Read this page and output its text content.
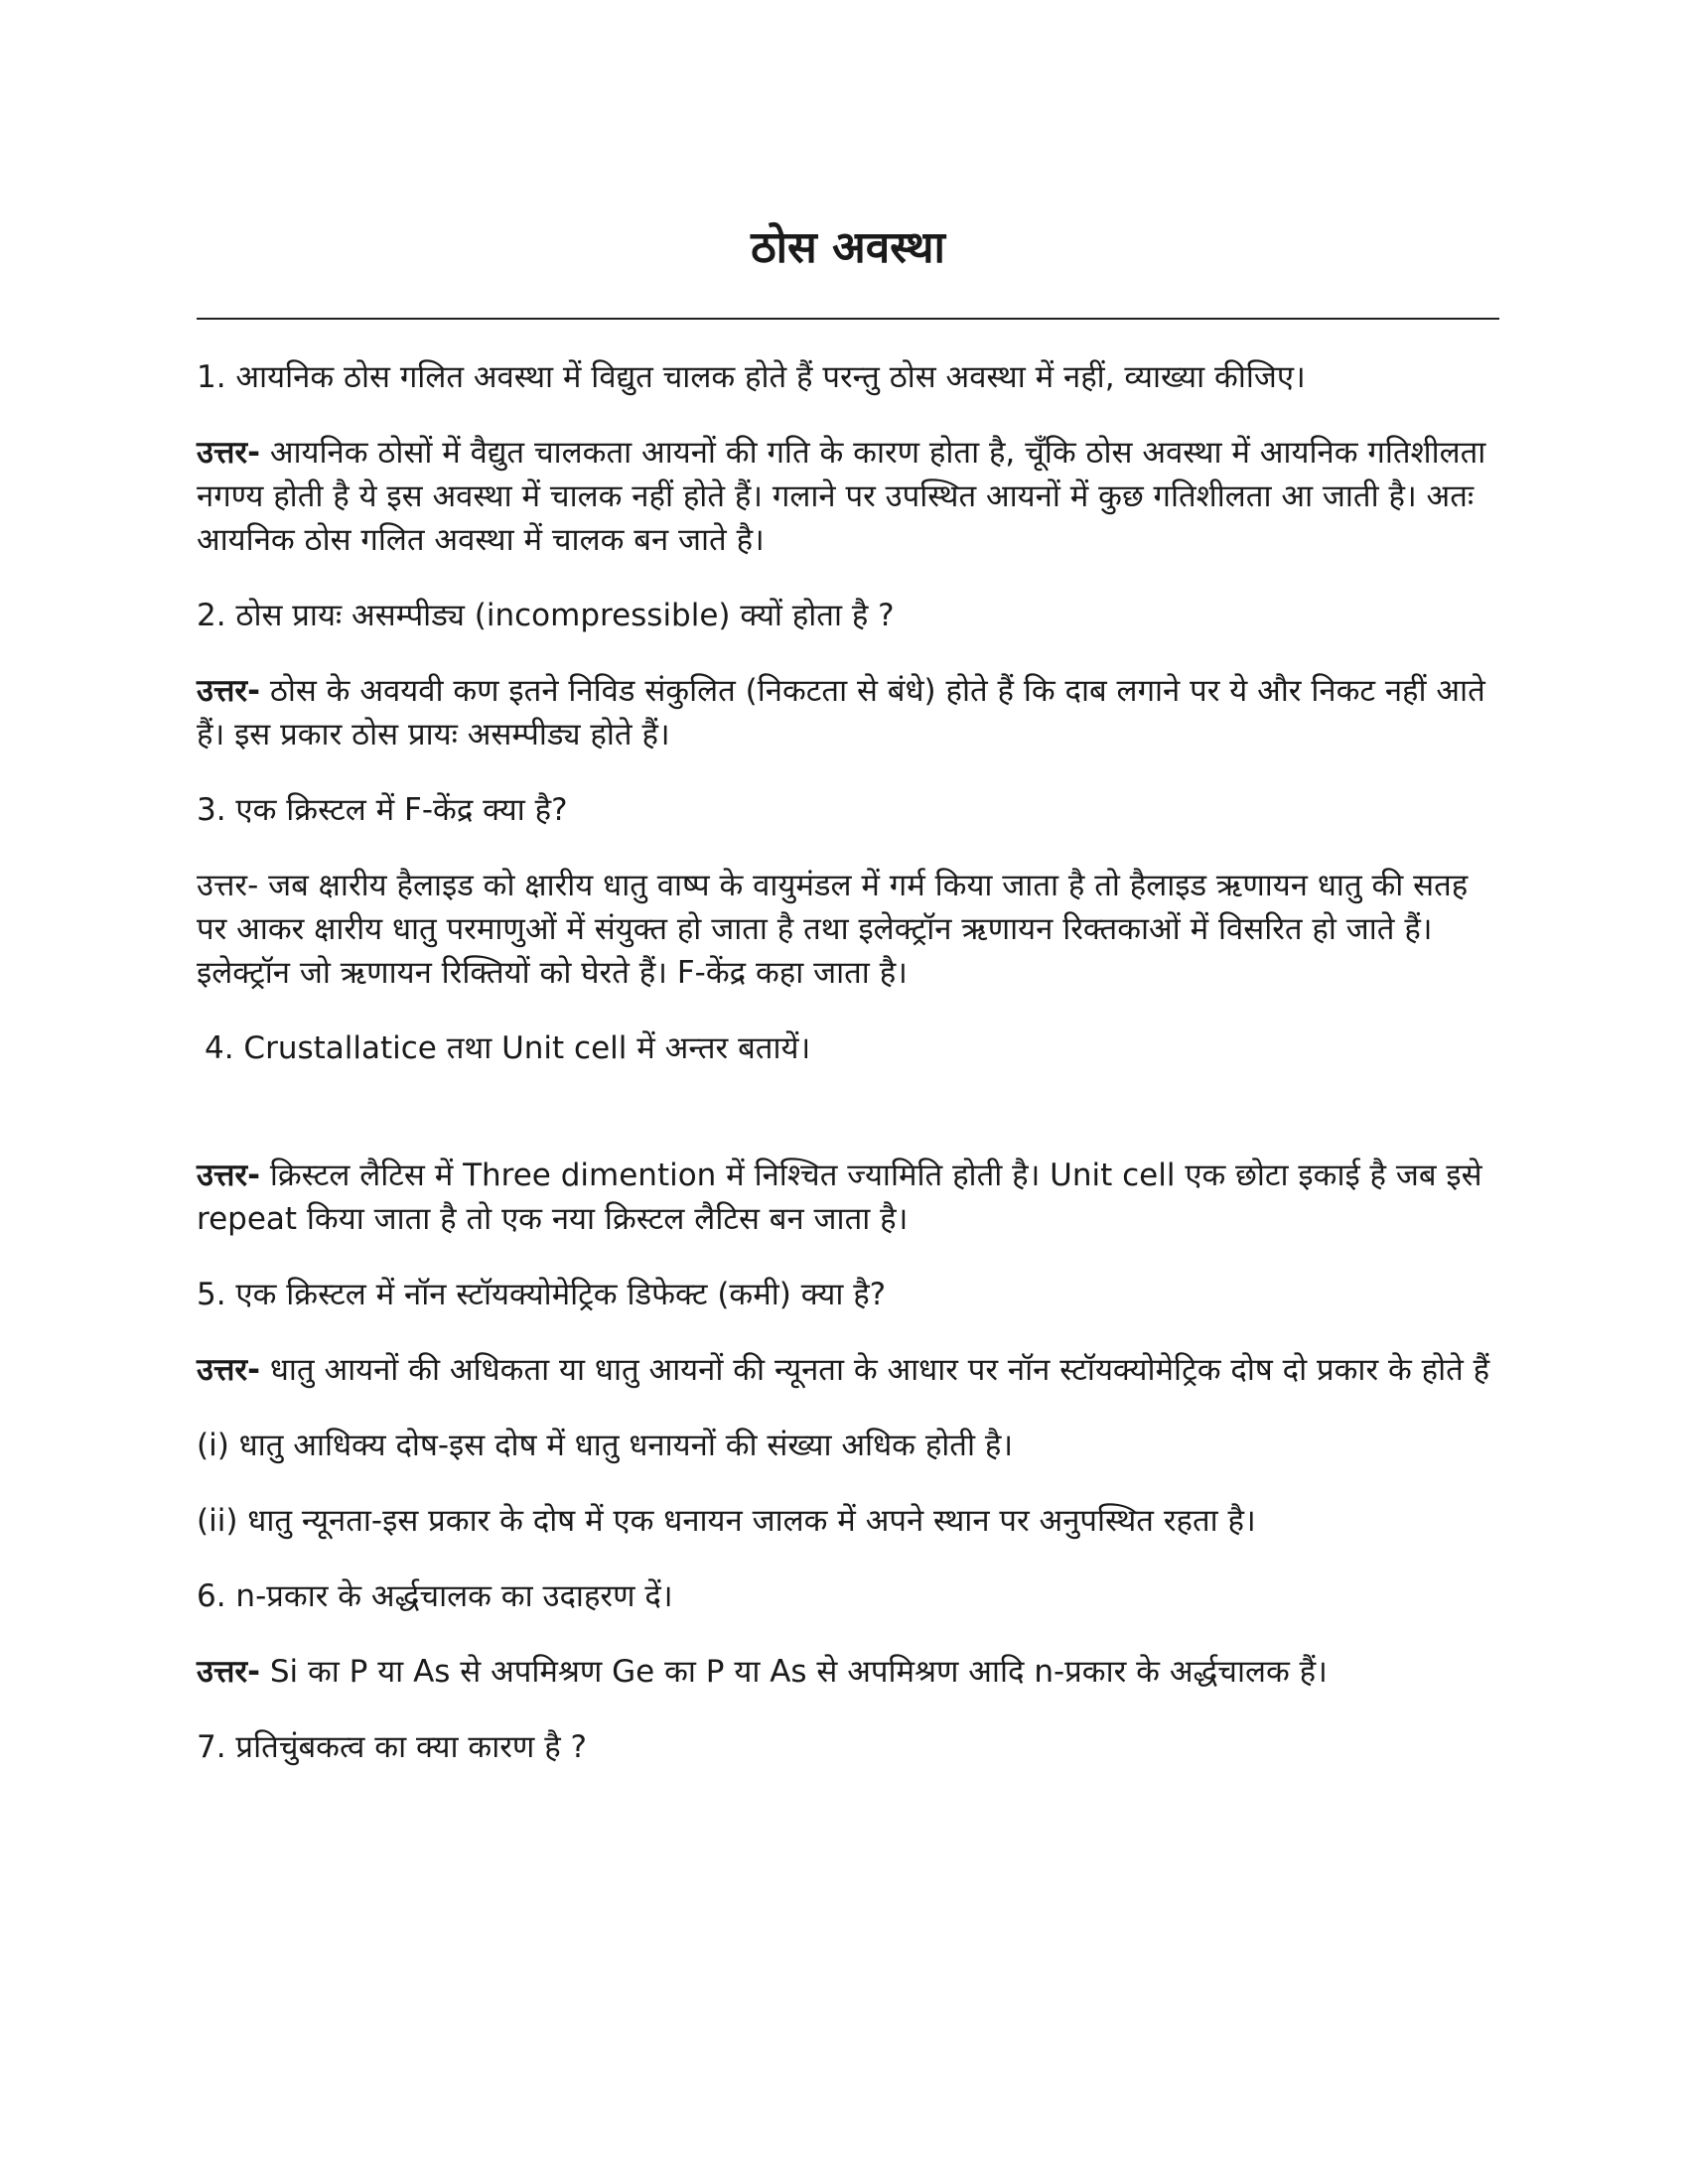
ठोस अवस्था

1. आयनिक ठोस गलित अवस्था में विद्युत चालक होते हैं परन्तु ठोस अवस्था में नहीं, व्याख्या कीजिए।

उत्तर- आयनिक ठोसों में वैद्युत चालकता आयनों की गति के कारण होता है, चूँकि ठोस अवस्था में आयनिक गतिशीलता नगण्य होती है ये इस अवस्था में चालक नहीं होते हैं। गलाने पर उपस्थित आयनों में कुछ गतिशीलता आ जाती है। अतः आयनिक ठोस गलित अवस्था में चालक बन जाते है।

2. ठोस प्रायः असम्पीड्य (incompressible) क्यों होता है ?

उत्तर- ठोस के अवयवी कण इतने निविड संकुलित (निकटता से बंधे) होते हैं कि दाब लगाने पर ये और निकट नहीं आते हैं। इस प्रकार ठोस प्रायः असम्पीड्य होते हैं।

3. एक क्रिस्टल में F-केंद्र क्या है?

उत्तर- जब क्षारीय हैलाइड को क्षारीय धातु वाष्प के वायुमंडल में गर्म किया जाता है तो हैलाइड ऋणायन धातु की सतह पर आकर क्षारीय धातु परमाणुओं में संयुक्त हो जाता है तथा इलेक्ट्रॉन ऋणायन रिक्तकाओं में विसरित हो जाते हैं। इलेक्ट्रॉन जो ऋणायन रिक्तियों को घेरते हैं। F-केंद्र कहा जाता है।

4. Crustallatice तथा Unit cell में अन्तर बतायें।

उत्तर- क्रिस्टल लैटिस में Three dimention में निश्चित ज्यामिति होती है। Unit cell एक छोटा इकाई है जब इसे repeat किया जाता है तो एक नया क्रिस्टल लैटिस बन जाता है।

5. एक क्रिस्टल में नॉन स्टॉयक्योमेट्रिक डिफेक्ट (कमी) क्या है?

उत्तर- धातु आयनों की अधिकता या धातु आयनों की न्यूनता के आधार पर नॉन स्टॉयक्योमेट्रिक दोष दो प्रकार के होते हैं

(i) धातु आधिक्य दोष-इस दोष में धातु धनायनों की संख्या अधिक होती है।

(ii) धातु न्यूनता-इस प्रकार के दोष में एक धनायन जालक में अपने स्थान पर अनुपस्थित रहता है।

6. n-प्रकार के अर्द्धचालक का उदाहरण दें।

उत्तर- Si का P या As से अपमिश्रण Ge का P या As से अपमिश्रण आदि n-प्रकार के अर्द्धचालक हैं।

7. प्रतिचुंबकत्व का क्या कारण है ?
